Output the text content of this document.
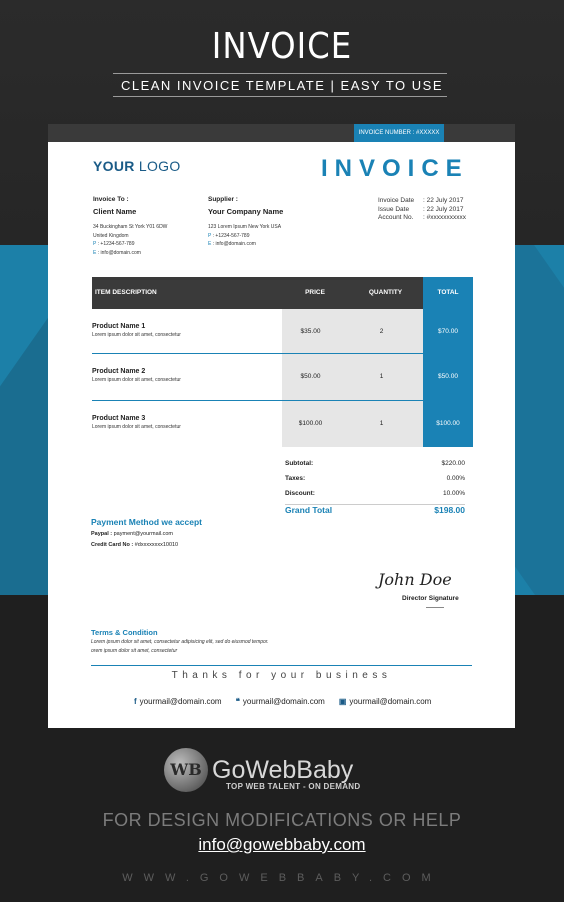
INVOICE
CLEAN INVOICE TEMPLATE | EASY TO USE
INVOICE NUMBER : #XXXXX
YOUR LOGO	INVOICE
Invoice To :
Client Name
34 Buckingham St York Y01 6DW
United Kingdom
P : +1234-567-789
E : info@domain.com
Supplier :
Your Company Name
123 Lorem Ipsum New York USA
P : +1234-567-789
E : info@domain.com
Invoice Date	: 22 July 2017
Issue Date	: 22 July 2017
Account No.	: #xxxxxxxxxxx
ITEM DESCRIPTION	PRICE	QUANTITY	TOTAL
Product Name 1
Lorem ipsum dolor sit amet, consectetur	$35.00	2	$70.00
Product Name 2
Lorem ipsum dolor sit amet, consectetur	$50.00	1	$50.00
Product Name 3
Lorem ipsum dolor sit amet, consectetur	$100.00	1	$100.00
Subtotal:	$220.00
Taxes:	0.00%
Discount:	10.00%
Grand Total	$198.00
Payment Method we accept
Paypal : payment@yourmail.com
Credit Card No : #dxxxxxxxx10010
John Doe
Director Signature
Terms & Condition
Lorem ipsum dolor sit amet, consectetur adipisicing elit, sed do eiusmod tempor.
orem ipsum dolor sit amet, consectetur
Thanks for your business
f yourmail@domain.com ❝ yourmail@domain.com ▣ yourmail@domain.com
WB GoWebBaby
TOP WEB TALENT - ON DEMAND
FOR DESIGN MODIFICATIONS OR HELP
info@gowebbaby.com
WWW.GOWEBBABY.COM
